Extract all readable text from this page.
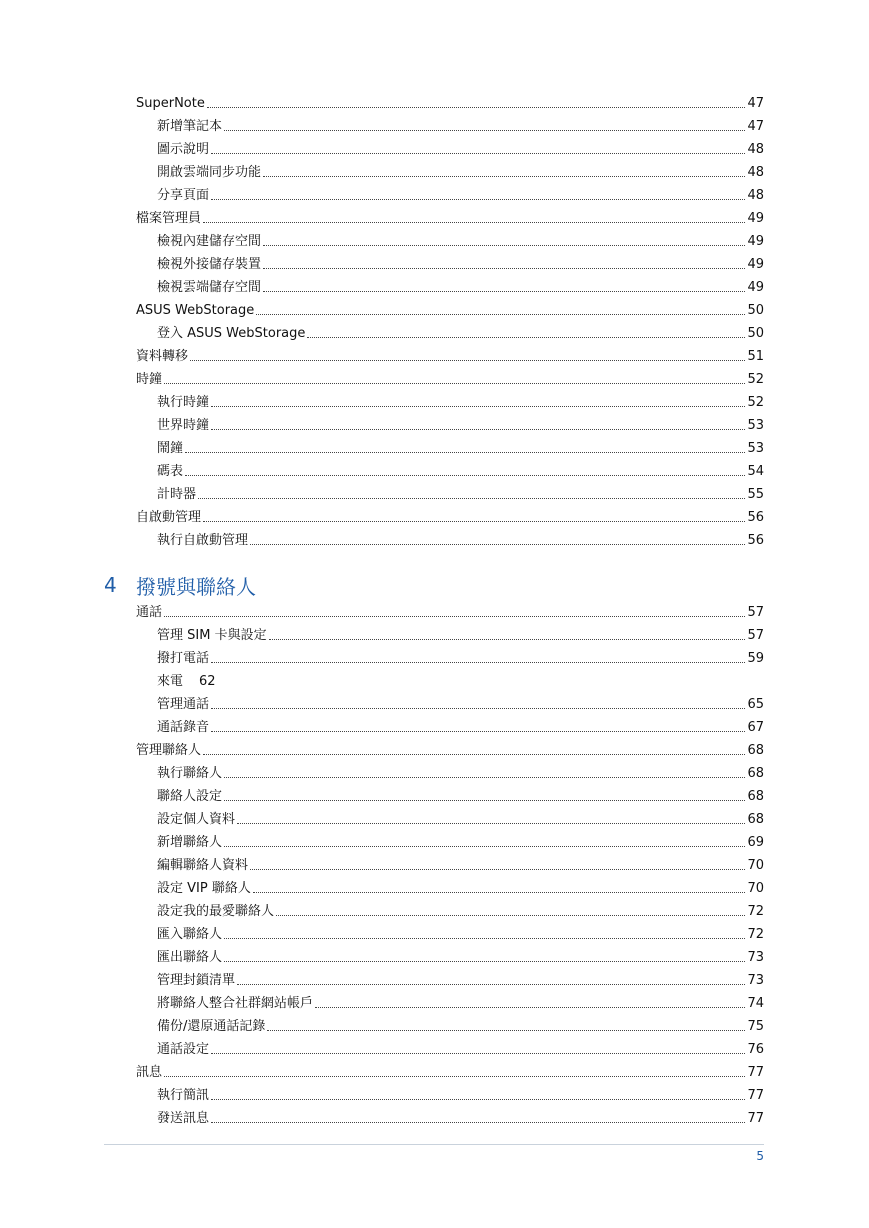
SuperNote	47
新增筆記本	47
圖示說明	48
開啟雲端同步功能	48
分享頁面	48
檔案管理員	49
檢視內建儲存空間	49
檢視外接儲存裝置	49
檢視雲端儲存空間	49
ASUS WebStorage	50
登入 ASUS WebStorage	50
資料轉移	51
時鐘	52
執行時鐘	52
世界時鐘	53
鬧鐘	53
碼表	54
計時器	55
自啟動管理	56
執行自啟動管理	56
通話	57
管理 SIM 卡與設定	57
撥打電話	59
來電 62
管理通話	65
通話錄音	67
管理聯絡人	68
執行聯絡人	68
聯絡人設定	68
設定個人資料	68
新增聯絡人	69
編輯聯絡人資料	70
設定 VIP 聯絡人	70
設定我的最愛聯絡人	72
匯入聯絡人	72
匯出聯絡人	73
管理封鎖清單	73
將聯絡人整合社群網站帳戶	74
備份/還原通話記錄	75
通話設定	76
訊息	77
執行簡訊	77
發送訊息	77
4 撥號與聯絡人
5
